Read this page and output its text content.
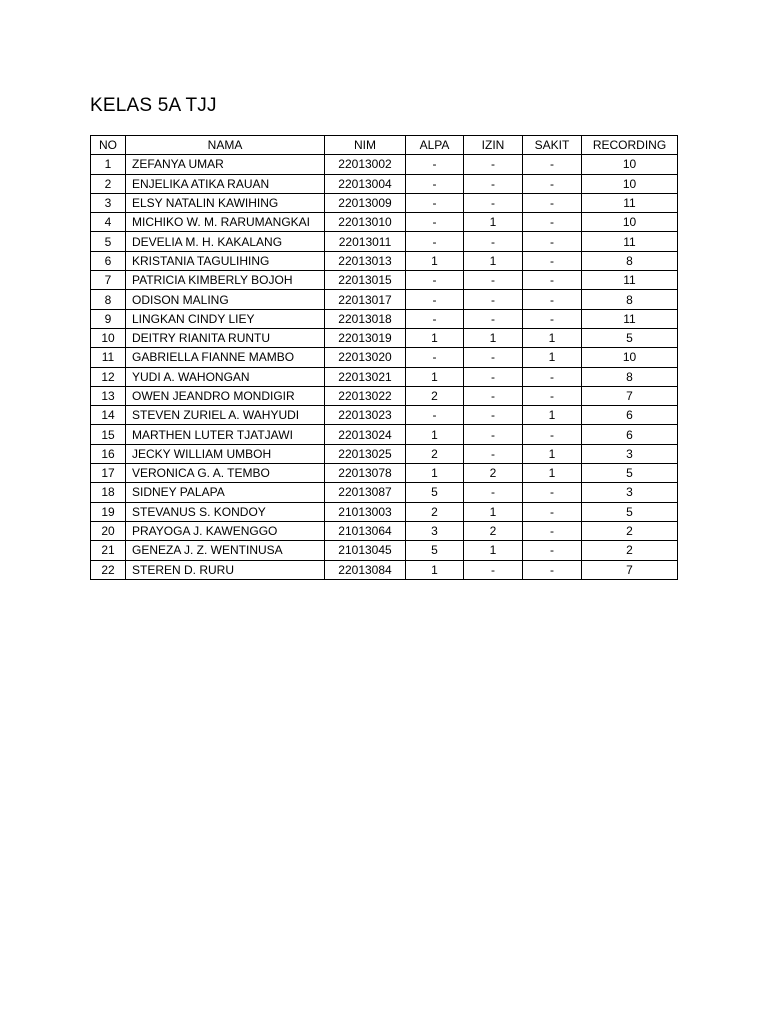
KELAS 5A TJJ
NO	NAMA	NIM	ALPA	IZIN	SAKIT	RECORDING
1	ZEFANYA UMAR	22013002	-	-	-	10
2	ENJELIKA ATIKA RAUAN	22013004	-	-	-	10
3	ELSY NATALIN KAWIHING	22013009	-	-	-	11
4	MICHIKO W. M. RARUMANGKAI	22013010	-	1	-	10
5	DEVELIA M. H. KAKALANG	22013011	-	-	-	11
6	KRISTANIA TAGULIHING	22013013	1	1	-	8
7	PATRICIA KIMBERLY BOJOH	22013015	-	-	-	11
8	ODISON MALING	22013017	-	-	-	8
9	LINGKAN CINDY LIEY	22013018	-	-	-	11
10	DEITRY RIANITA RUNTU	22013019	1	1	1	5
11	GABRIELLA FIANNE MAMBO	22013020	-	-	1	10
12	YUDI A. WAHONGAN	22013021	1	-	-	8
13	OWEN JEANDRO MONDIGIR	22013022	2	-	-	7
14	STEVEN ZURIEL A. WAHYUDI	22013023	-	-	1	6
15	MARTHEN LUTER TJATJAWI	22013024	1	-	-	6
16	JECKY WILLIAM UMBOH	22013025	2	-	1	3
17	VERONICA G. A. TEMBO	22013078	1	2	1	5
18	SIDNEY PALAPA	22013087	5	-	-	3
19	STEVANUS S. KONDOY	21013003	2	1	-	5
20	PRAYOGA J. KAWENGGO	21013064	3	2	-	2
21	GENEZA J. Z. WENTINUSA	21013045	5	1	-	2
22	STEREN D. RURU	22013084	1	-	-	7
